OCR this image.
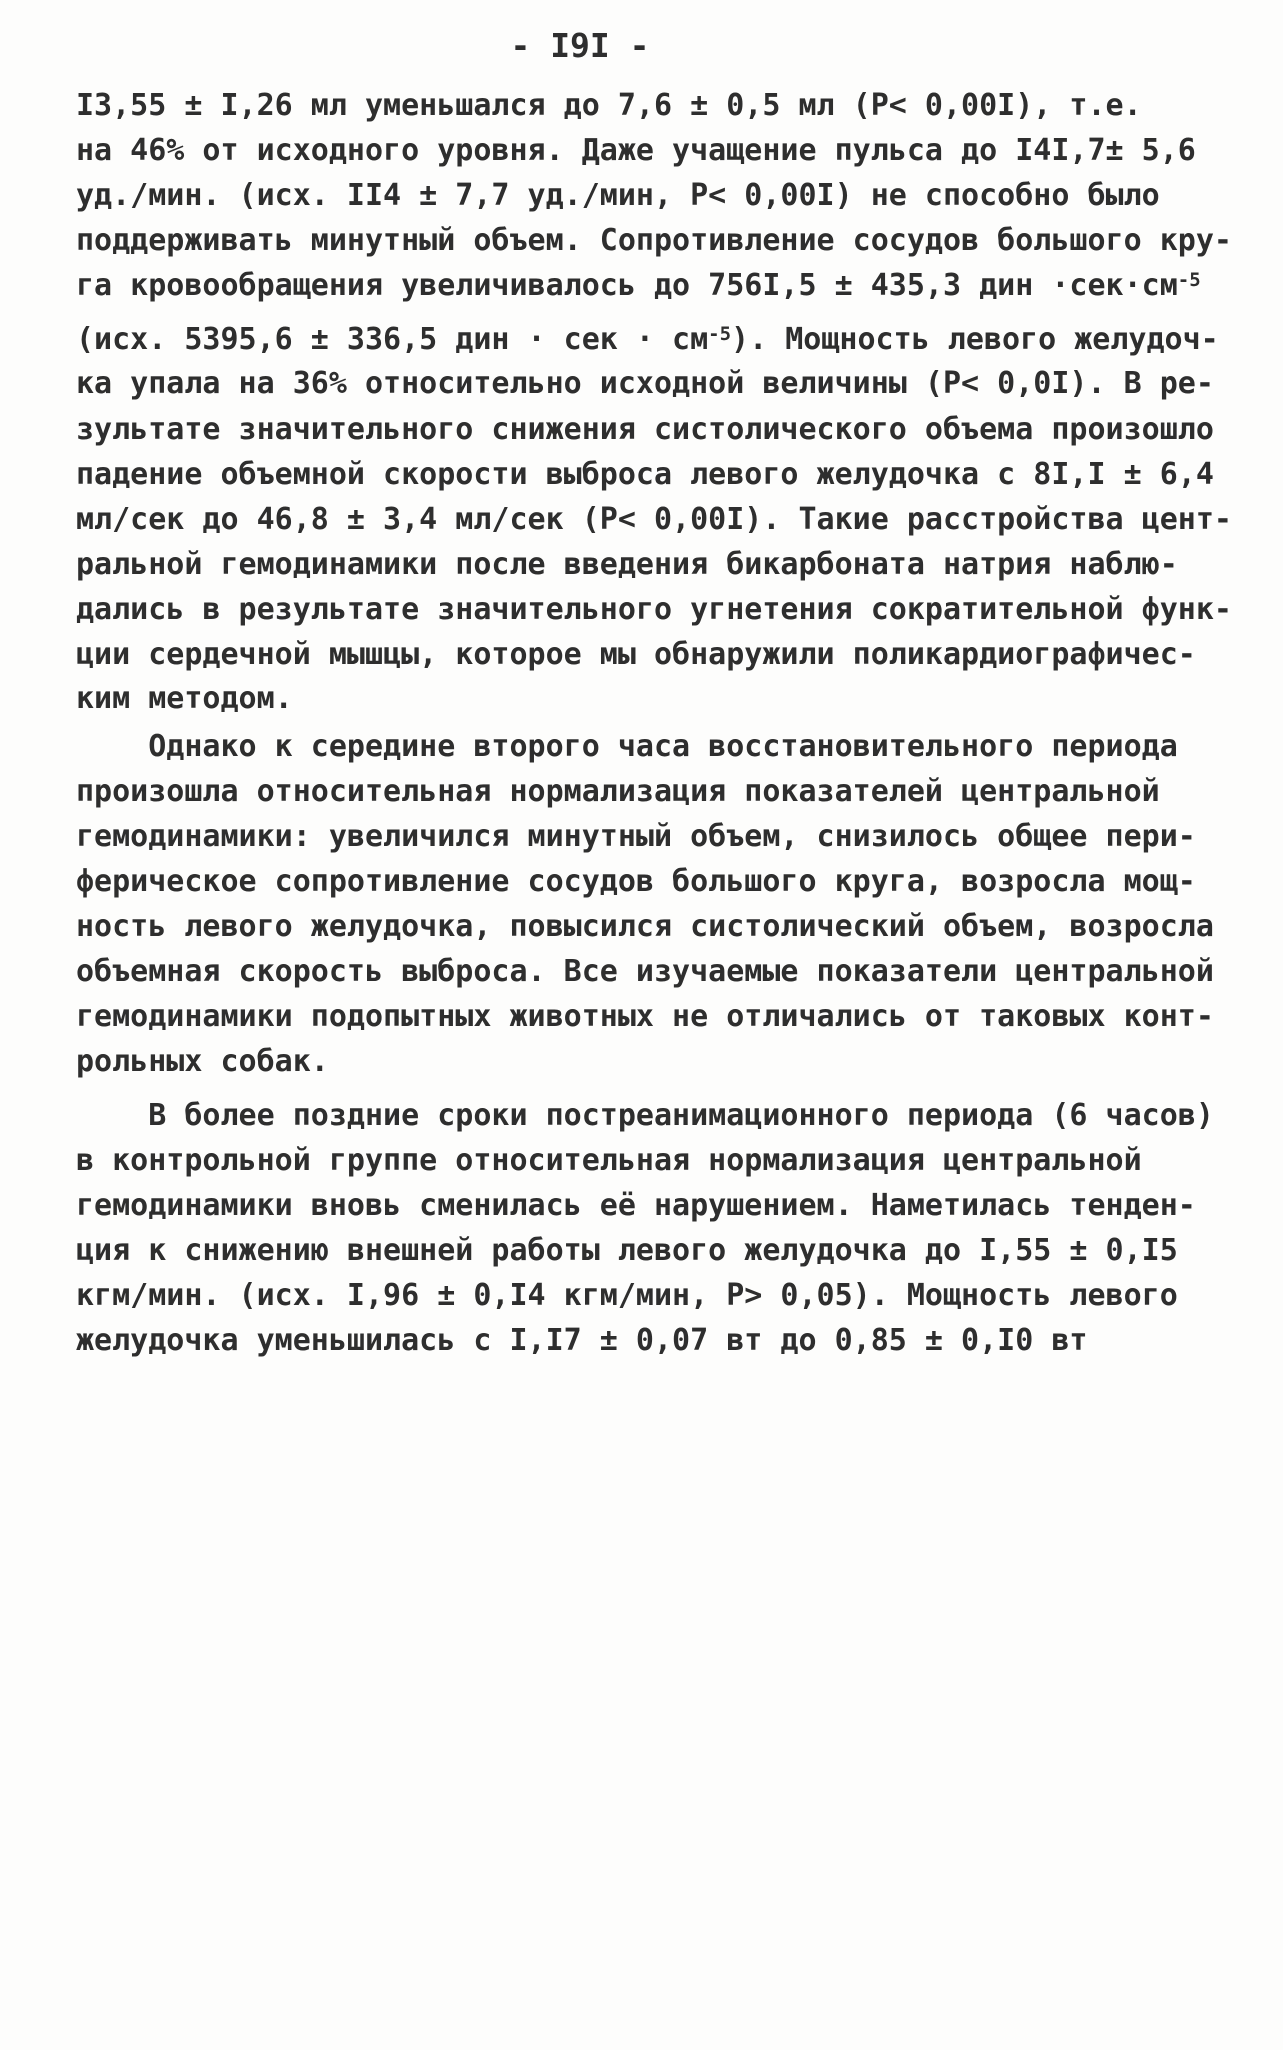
- I9I -
I3,55 ± I,26 мл уменьшался до 7,6 ± 0,5 мл (Р< 0,00I), т.е.
на 46% от исходного уровня. Даже учащение пульса до I4I,7± 5,6
уд./мин. (исх. II4 ± 7,7 уд./мин, Р< 0,00I) не способно было
поддерживать минутный объем. Сопротивление сосудов большого кру-
га кровообращения увеличивалось до 756I,5 ± 435,3 дин $\cdot сек\cdot см^{-5}$
(исх. 5395,6 ± 336,5 дин · сек · $см^{-5}$). Мощность левого желудоч-
ка упала на 36% относительно исходной величины (Р< 0,0I). В ре-
зультате значительного снижения систолического объема произошло
падение объемной скорости выброса левого желудочка с 8I,I ± 6,4
мл/сек до 46,8 ± 3,4 мл/сек (Р< 0,00I). Такие расстройства цент-
ральной гемодинамики после введения бикарбоната натрия наблю-
дались в результате значительного угнетения сократительной функ-
ции сердечной мышцы, которое мы обнаружили поликардиографичес-
ким методом.
Однако к середине второго часа восстановительного периода
произошла относительная нормализация показателей центральной
гемодинамики: увеличился минутный объем, снизилось общее пери-
ферическое сопротивление сосудов большого круга, возросла мощ-
ность левого желудочка, повысился систолический объем, возросла
объемная скорость выброса. Все изучаемые показатели центральной
гемодинамики подопытных животных не отличались от таковых конт-
рольных собак.
В более поздние сроки постреанимационного периода (6 часов)
в контрольной группе относительная нормализация центральной
гемодинамики вновь сменилась её нарушением. Наметилась тенден-
ция к снижению внешней работы левого желудочка до I,55 ± 0,I5
кгм/мин. (исх. I,96 ± 0,I4 кгм/мин, Р> 0,05). Мощность левого
желудочка уменьшилась с I,I7 ± 0,07 вт до 0,85 ± 0,I0 вт
